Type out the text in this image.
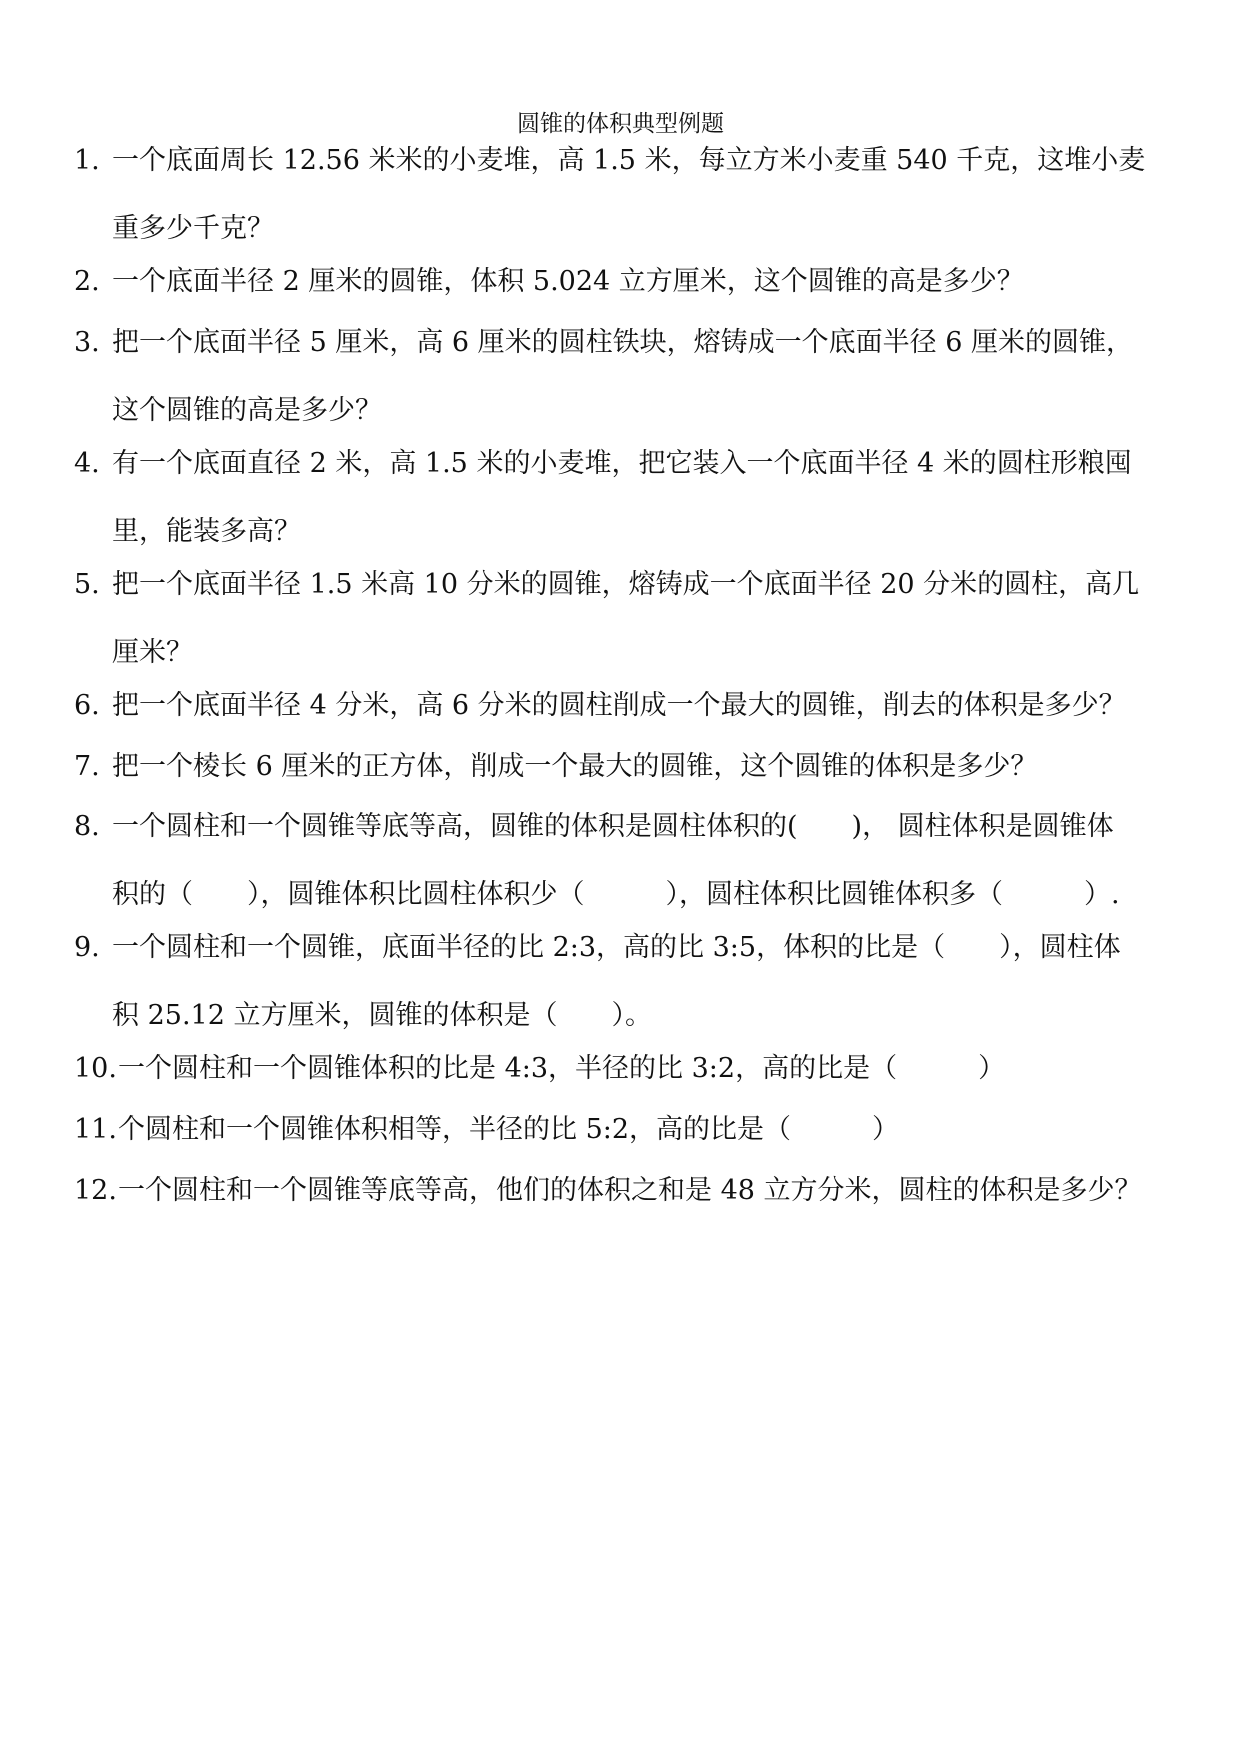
圆锥的体积典型例题
1. 一个底面周长 12.56 米米的小麦堆，高 1.5 米，每立方米小麦重 540 千克，这堆小麦
重多少千克？
2. 一个底面半径 2 厘米的圆锥，体积 5.024 立方厘米，这个圆锥的高是多少？
3. 把一个底面半径 5 厘米，高 6 厘米的圆柱铁块，熔铸成一个底面半径 6 厘米的圆锥，
这个圆锥的高是多少？
4. 有一个底面直径 2 米，高 1.5 米的小麦堆，把它装入一个底面半径 4 米的圆柱形粮囤
里，能装多高？
5. 把一个底面半径 1.5 米高 10 分米的圆锥，熔铸成一个底面半径 20 分米的圆柱，高几
厘米？
6. 把一个底面半径 4 分米，高 6 分米的圆柱削成一个最大的圆锥，削去的体积是多少？
7. 把一个棱长 6 厘米的正方体，削成一个最大的圆锥，这个圆锥的体积是多少？
8. 一个圆柱和一个圆锥等底等高，圆锥的体积是圆柱体积的(　　)， 圆柱体积是圆锥体
积的（　　），圆锥体积比圆柱体积少（　　　），圆柱体积比圆锥体积多（　　　）.
9. 一个圆柱和一个圆锥，底面半径的比 2:3，高的比 3:5，体积的比是（　　），圆柱体
积 25.12 立方厘米，圆锥的体积是（　　）。
10.一个圆柱和一个圆锥体积的比是 4:3，半径的比 3:2，高的比是（　　　）
11.个圆柱和一个圆锥体积相等，半径的比 5:2，高的比是（　　　）
12.一个圆柱和一个圆锥等底等高，他们的体积之和是 48 立方分米，圆柱的体积是多少？
